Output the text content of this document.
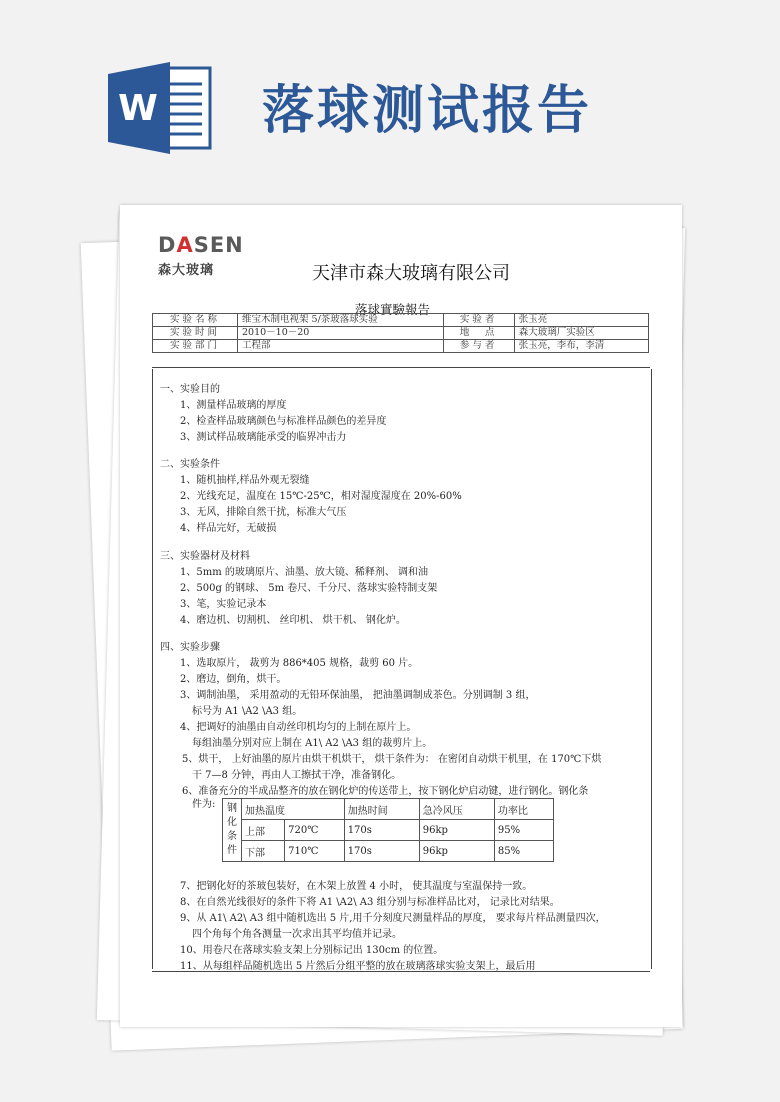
W 落球测试报告
DASEN
森大玻璃	天津市森大玻璃有限公司
落球實驗報告
实验名称	维宝木制电视架 5/茶玻落球实验	实验者	张玉亮
实验时间	2010－10－20	地　点	森大玻璃厂实验区
实验部门	工程部	参与者	张玉亮，李布，李清
一、实验目的
1、测量样品玻璃的厚度
2、检查样品玻璃颜色与标准样品颜色的差异度
3、测试样品玻璃能承受的临界冲击力
二、实验条件
1、随机抽样,样品外观无裂缝
2、光线充足，温度在 15℃-25℃，相对湿度湿度在 20%-60%
3、无风，排除自然干扰，标准大气压
4、样品完好，无破损
三、实验器材及材料
1、5mm 的玻璃原片、油墨、放大镜、稀释剂、 调和油
2、500g 的钢球、 5m 卷尺、千分尺、落球实验特制支架
3、笔，实验记录本
4、磨边机、切割机、 丝印机、 烘干机、 钢化炉。
四、实验步骤
1、选取原片， 裁剪为 886*405 规格，裁剪 60 片。
2、磨边，倒角，烘干。
3、调制油墨， 采用盈动的无铅环保油墨， 把油墨调制成茶色。分别调制 3 组，
标号为 A1 \A2 \A3 组。
4、把调好的油墨由自动丝印机均匀的上制在原片上。
每组油墨分别对应上制在 A1\ A2 \A3 组的裁剪片上。
5、烘干， 上好油墨的原片由烘干机烘干， 烘干条件为： 在密闭自动烘干机里，在 170℃下烘
干 7—8 分钟，再由人工擦拭干净，准备钢化。
6、准备充分的半成品整齐的放在钢化炉的传送带上，按下钢化炉启动键，进行钢化。钢化条
件为: 钢
化
条
件	加热温度		加热时间	急冷风压	功率比
	上部	720℃	170s	96kp	95%
	下部	710℃	170s	96kp	85%
7、把钢化好的茶玻包装好，在木架上放置 4 小时， 使其温度与室温保持一致。
8、在自然光线很好的条件下将 A1 \A2\ A3 组分别与标准样品比对， 记录比对结果。
9、从 A1\ A2\ A3 组中随机选出 5 片,用千分刻度尺测量样品的厚度， 要求每片样品测量四次，
四个角每个角各测量一次求出其平均值并记录。
10、用卷尺在落球实验支架上分别标记出 130cm 的位置。
11、从每组样品随机选出 5 片然后分组平整的放在玻璃落球实验支架上，最后用
